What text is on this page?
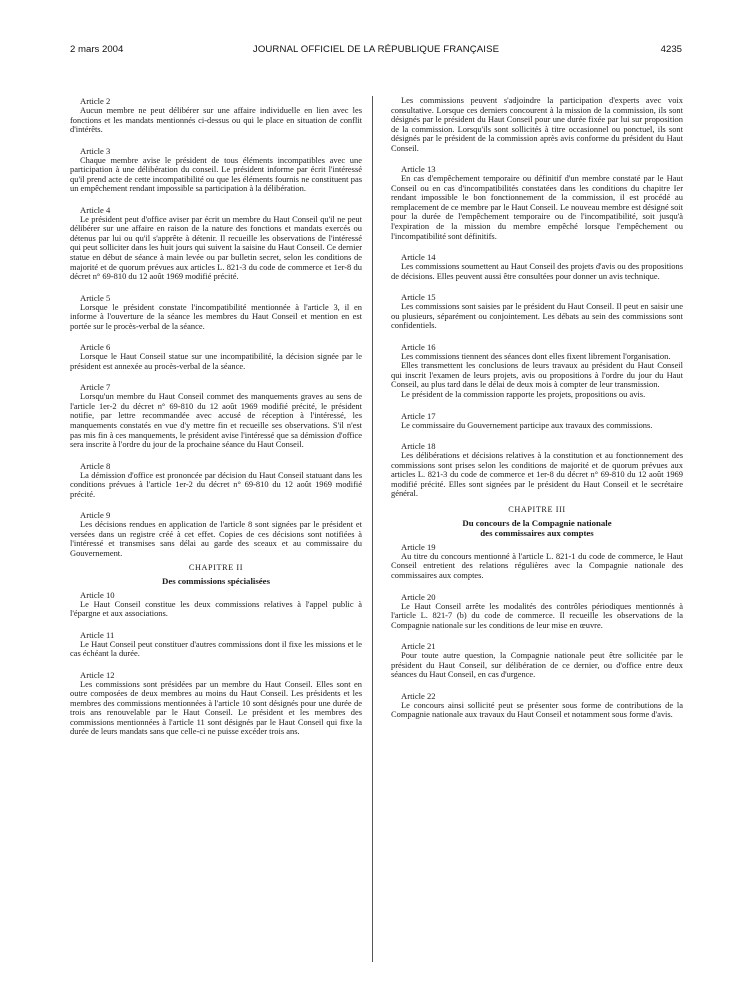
2 mars 2004	JOURNAL OFFICIEL DE LA RÉPUBLIQUE FRANÇAISE	4235

Article 2

Aucun membre ne peut délibérer sur une affaire individuelle en lien avec les fonctions et les mandats mentionnés ci-dessus ou qui le place en situation de conflit d'intérêts.

Article 3

Chaque membre avise le président de tous éléments incompatibles avec une participation à une délibération du conseil. Le président informe par écrit l'intéressé qu'il prend acte de cette incompatibilité ou que les éléments fournis ne constituent pas un empêchement rendant impossible sa participation à la délibération.

Article 4

Le président peut d'office aviser par écrit un membre du Haut Conseil qu'il ne peut délibérer sur une affaire en raison de la nature des fonctions et mandats exercés ou détenus par lui ou qu'il s'apprête à détenir. Il recueille les observations de l'intéressé qui peut solliciter dans les huit jours qui suivent la saisine du Haut Conseil. Ce dernier statue en début de séance à main levée ou par bulletin secret, selon les conditions de majorité et de quorum prévues aux articles L. 821-3 du code de commerce et 1er-8 du décret n° 69-810 du 12 août 1969 modifié précité.

Article 5

Lorsque le président constate l'incompatibilité mentionnée à l'article 3, il en informe à l'ouverture de la séance les membres du Haut Conseil et mention en est portée sur le procès-verbal de la séance.

Article 6

Lorsque le Haut Conseil statue sur une incompatibilité, la décision signée par le président est annexée au procès-verbal de la séance.

Article 7

Lorsqu'un membre du Haut Conseil commet des manquements graves au sens de l'article 1er-2 du décret n° 69-810 du 12 août 1969 modifié précité, le président notifie, par lettre recommandée avec accusé de réception à l'intéressé, les manquements constatés en vue d'y mettre fin et recueille ses observations. S'il n'est pas mis fin à ces manquements, le président avise l'intéressé que sa démission d'office sera inscrite à l'ordre du jour de la prochaine séance du Haut Conseil.

Article 8

La démission d'office est prononcée par décision du Haut Conseil statuant dans les conditions prévues à l'article 1er-2 du décret n° 69-810 du 12 août 1969 modifié précité.

Article 9

Les décisions rendues en application de l'article 8 sont signées par le président et versées dans un registre créé à cet effet. Copies de ces décisions sont notifiées à l'intéressé et transmises sans délai au garde des sceaux et au commissaire du Gouvernement.

CHAPITRE II
Des commissions spécialisées

Article 10

Le Haut Conseil constitue les deux commissions relatives à l'appel public à l'épargne et aux associations.

Article 11

Le Haut Conseil peut constituer d'autres commissions dont il fixe les missions et le cas échéant la durée.

Article 12

Les commissions sont présidées par un membre du Haut Conseil. Elles sont en outre composées de deux membres au moins du Haut Conseil. Les présidents et les membres des commissions mentionnées à l'article 10 sont désignés pour une durée de trois ans renouvelable par le Haut Conseil. Le président et les membres des commissions mentionnées à l'article 11 sont désignés par le Haut Conseil qui fixe la durée de leurs mandats sans que celle-ci ne puisse excéder trois ans.

Les commissions peuvent s'adjoindre la participation d'experts avec voix consultative. Lorsque ces derniers concourent à la mission de la commission, ils sont désignés par le président du Haut Conseil pour une durée fixée par lui sur proposition de la commission. Lorsqu'ils sont sollicités à titre occasionnel ou ponctuel, ils sont désignés par le président de la commission après avis conforme du président du Haut Conseil.

Article 13

En cas d'empêchement temporaire ou définitif d'un membre constaté par le Haut Conseil ou en cas d'incompatibilités constatées dans les conditions du chapitre Ier rendant impossible le bon fonctionnement de la commission, il est procédé au remplacement de ce membre par le Haut Conseil. Le nouveau membre est désigné soit pour la durée de l'empêchement temporaire ou de l'incompatibilité, soit jusqu'à l'expiration de la mission du membre empêché lorsque l'empêchement ou l'incompatibilité sont définitifs.

Article 14

Les commissions soumettent au Haut Conseil des projets d'avis ou des propositions de décisions. Elles peuvent aussi être consultées pour donner un avis technique.

Article 15

Les commissions sont saisies par le président du Haut Conseil. Il peut en saisir une ou plusieurs, séparément ou conjointement. Les débats au sein des commissions sont confidentiels.

Article 16

Les commissions tiennent des séances dont elles fixent librement l'organisation.

Elles transmettent les conclusions de leurs travaux au président du Haut Conseil qui inscrit l'examen de leurs projets, avis ou propositions à l'ordre du jour du Haut Conseil, au plus tard dans le délai de deux mois à compter de leur transmission.

Le président de la commission rapporte les projets, propositions ou avis.

Article 17

Le commissaire du Gouvernement participe aux travaux des commissions.

Article 18

Les délibérations et décisions relatives à la constitution et au fonctionnement des commissions sont prises selon les conditions de majorité et de quorum prévues aux articles L. 821-3 du code de commerce et 1er-8 du décret n° 69-810 du 12 août 1969 modifié précité. Elles sont signées par le président du Haut Conseil et le secrétaire général.

CHAPITRE III
Du concours de la Compagnie nationale
des commissaires aux comptes

Article 19

Au titre du concours mentionné à l'article L. 821-1 du code de commerce, le Haut Conseil entretient des relations régulières avec la Compagnie nationale des commissaires aux comptes.

Article 20

Le Haut Conseil arrête les modalités des contrôles périodiques mentionnés à l'article L. 821-7 (b) du code de commerce. Il recueille les observations de la Compagnie nationale sur les conditions de leur mise en œuvre.

Article 21

Pour toute autre question, la Compagnie nationale peut être sollicitée par le président du Haut Conseil, sur délibération de ce dernier, ou d'office entre deux séances du Haut Conseil, en cas d'urgence.

Article 22

Le concours ainsi sollicité peut se présenter sous forme de contributions de la Compagnie nationale aux travaux du Haut Conseil et notamment sous forme d'avis.
